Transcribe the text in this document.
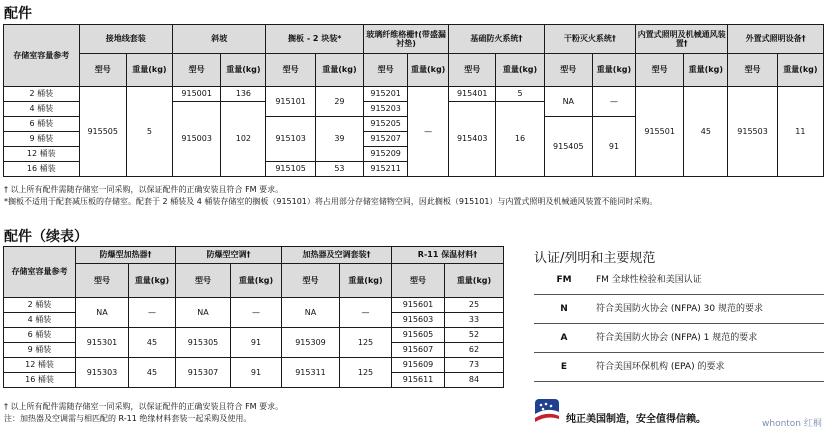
配件
存储室容量参考	接地线套装		斜坡		搁板 - 2 块装*		玻璃纤维格栅†(带盛漏衬垫)		基础防火系统†		干粉灭火系统†		内置式照明及机械通风装置†		外置式照明设备†	
	型号	重量(kg)	型号	重量(kg)	型号	重量(kg)	型号	重量(kg)	型号	重量(kg)	型号	重量(kg)	型号	重量(kg)	型号	重量(kg)
2 桶装	915505	5	915001	136	915101	29	915201	—	915401	5	NA	—	915501	45	915503	11
4 桶装			915003	102			915203		915403	16						
6 桶装					915103	39	915205				915405	91				
9 桶装							915207									
12 桶装							915209									
16 桶装					915105	53	915211									
† 以上所有配件需随存储室一同采购，以保证配件的正确安装且符合 FM 要求。
*搁板不适用于配套减压板的存储室。配套于 2 桶装及 4 桶装存储室的搁板（915101）将占用部分存储室储物空间，因此搁板（915101）与内置式照明及机械通风装置不能同时采购。
配件（续表）
存储室容量参考	防爆型加热器†		防爆型空调†		加热器及空调套装†		R-11 保温材料†	
	型号	重量(kg)	型号	重量(kg)	型号	重量(kg)	型号	重量(kg)
2 桶装	NA	—	NA	—	NA	—	915601	25
4 桶装							915603	33
6 桶装	915301	45	915305	91	915309	125	915605	52
9 桶装							915607	62
12 桶装	915303	45	915307	91	915311	125	915609	73
16 桶装							915611	84
† 以上所有配件需随存储室一同采购，以保证配件的正确安装且符合 FM 要求。
注：加热器及空调需与相匹配的 R-11 绝缘材料套装一起采购及使用。
认证/列明和主要规范
FM	FM 全球性检验和美国认证
N	符合美国防火协会 (NFPA) 30 规范的要求
A	符合美国防火协会 (NFPA) 1 规范的要求
E	符合美国环保机构 (EPA) 的要求
纯正美国制造，安全值得信赖。	whonton 红桐
